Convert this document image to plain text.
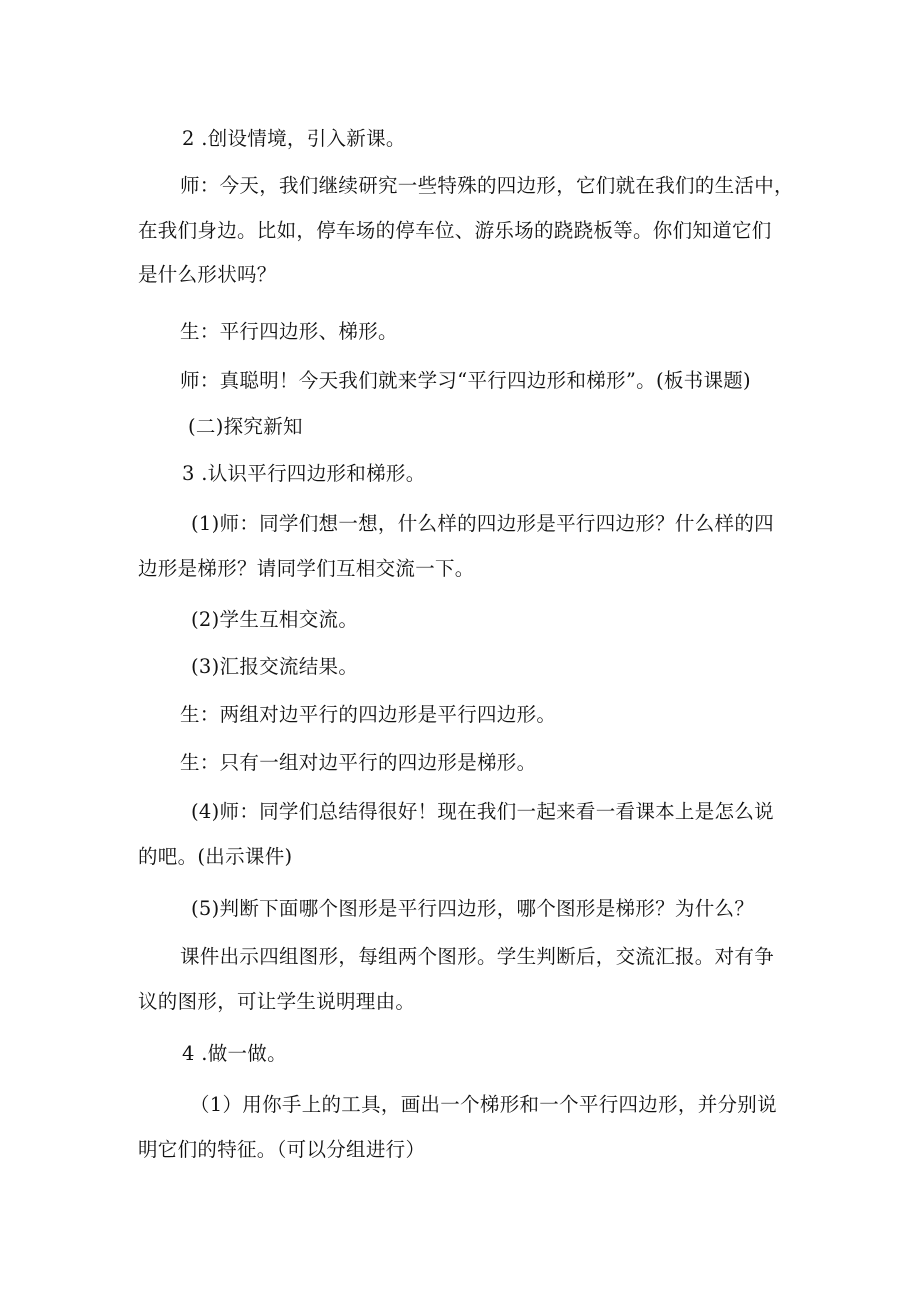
2 .创设情境，引入新课。

师：今天，我们继续研究一些特殊的四边形，它们就在我们的生活中，
在我们身边。比如，停车场的停车位、游乐场的跷跷板等。你们知道它们
是什么形状吗？

生：平行四边形、梯形。

师：真聪明！今天我们就来学习“平行四边形和梯形”。(板书课题)

(二)探究新知

3 .认识平行四边形和梯形。

(1)师：同学们想一想，什么样的四边形是平行四边形？什么样的四
边形是梯形？请同学们互相交流一下。

(2)学生互相交流。

(3)汇报交流结果。

生：两组对边平行的四边形是平行四边形。

生：只有一组对边平行的四边形是梯形。

(4)师：同学们总结得很好！现在我们一起来看一看课本上是怎么说
的吧。(出示课件)

(5)判断下面哪个图形是平行四边形，哪个图形是梯形？为什么？

课件出示四组图形，每组两个图形。学生判断后，交流汇报。对有争
议的图形，可让学生说明理由。

4 .做一做。

（1）用你手上的工具，画出一个梯形和一个平行四边形，并分别说
明它们的特征。（可以分组进行）
